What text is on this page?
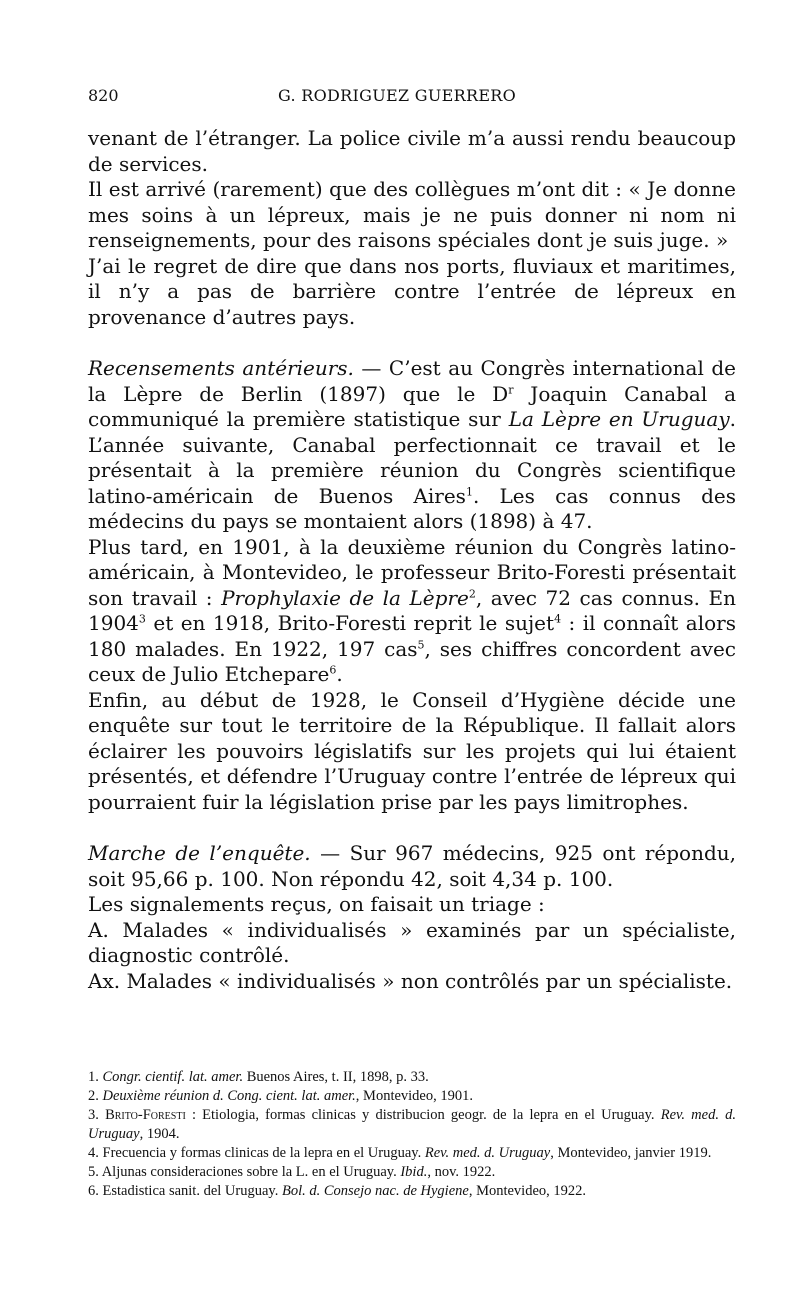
820	G. RODRIGUEZ GUERRERO

venant de l’étranger. La police civile m’a aussi rendu beaucoup de services.

Il est arrivé (rarement) que des collègues m’ont dit : « Je donne mes soins à un lépreux, mais je ne puis donner ni nom ni renseignements, pour des raisons spéciales dont je suis juge. »

J’ai le regret de dire que dans nos ports, fluviaux et maritimes, il n’y a pas de barrière contre l’entrée de lépreux en provenance d’autres pays.

Recensements antérieurs. — C’est au Congrès international de la Lèpre de Berlin (1897) que le $D^r$ Joaquin Canabal a communiqué la première statistique sur La Lèpre en Uruguay. L’année suivante, Canabal perfectionnait ce travail et le présentait à la première réunion du Congrès scientifique latino-américain de Buenos Aires$^1$. Les cas connus des médecins du pays se montaient alors (1898) à 47.

Plus tard, en 1901, à la deuxième réunion du Congrès latino-américain, à Montevideo, le professeur Brito-Foresti présentait son travail : Prophylaxie de la Lèpre$^2$, avec 72 cas connus. En 1904$^3$ et en 1918, Brito-Foresti reprit le sujet$^4$ : il connaît alors 180 malades. En 1922, 197 cas$^5$, ses chiffres concordent avec ceux de Julio Etchepare$^6$.

Enfin, au début de 1928, le Conseil d’Hygiène décide une enquête sur tout le territoire de la République. Il fallait alors éclairer les pouvoirs législatifs sur les projets qui lui étaient présentés, et défendre l’Uruguay contre l’entrée de lépreux qui pourraient fuir la législation prise par les pays limitrophes.

Marche de l’enquête. — Sur 967 médecins, 925 ont répondu, soit 95,66 p. 100. Non répondu 42, soit 4,34 p. 100.

Les signalements reçus, on faisait un triage :

A. Malades « individualisés » examinés par un spécialiste, diagnostic contrôlé.

Ax. Malades « individualisés » non contrôlés par un spécialiste.

1. Congr. cientif. lat. amer. Buenos Aires, t. II, 1898, p. 33.

2. Deuxième réunion d. Cong. cient. lat. amer., Montevideo, 1901.

3. Brito-Foresti : Etiologia, formas clinicas y distribucion geogr. de la lepra en el Uruguay. Rev. med. d. Uruguay, 1904.

4. Frecuencia y formas clinicas de la lepra en el Uruguay. Rev. med. d. Uruguay, Montevideo, janvier 1919.

5. Aljunas consideraciones sobre la L. en el Uruguay. Ibid., nov. 1922.

6. Estadistica sanit. del Uruguay. Bol. d. Consejo nac. de Hygiene, Montevideo, 1922.
